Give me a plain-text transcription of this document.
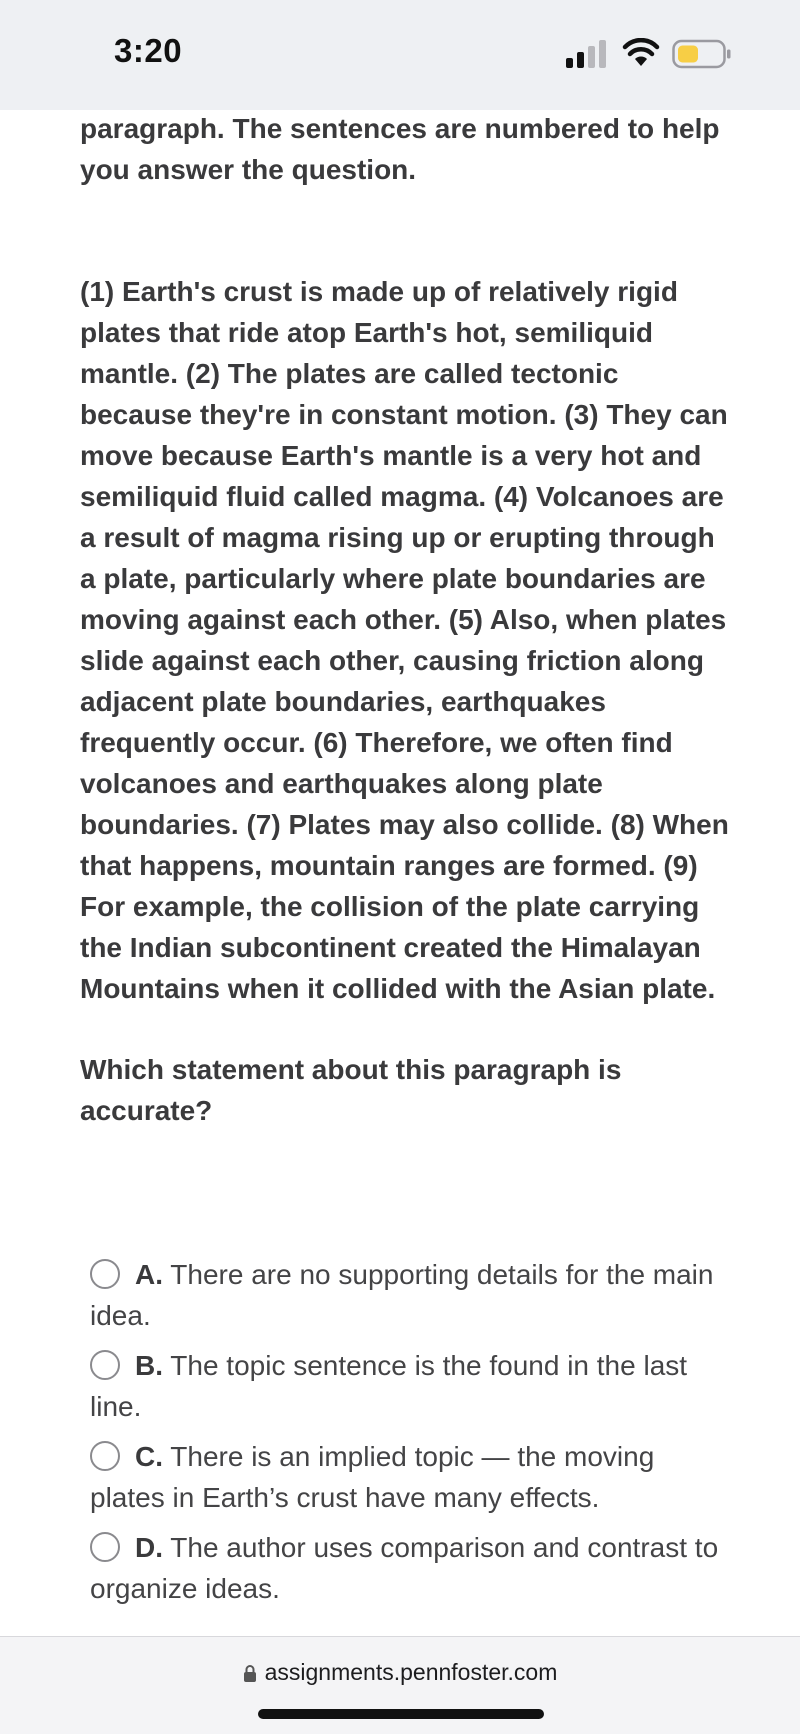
3:20

paragraph. The sentences are numbered to help you answer the question.

(1) Earth's crust is made up of relatively rigid plates that ride atop Earth's hot, semiliquid mantle. (2) The plates are called tectonic because they're in constant motion. (3) They can move because Earth's mantle is a very hot and semiliquid fluid called magma. (4) Volcanoes are a result of magma rising up or erupting through a plate, particularly where plate boundaries are moving against each other. (5) Also, when plates slide against each other, causing friction along adjacent plate boundaries, earthquakes frequently occur. (6) Therefore, we often find volcanoes and earthquakes along plate boundaries. (7) Plates may also collide. (8) When that happens, mountain ranges are formed. (9) For example, the collision of the plate carrying the Indian subcontinent created the Himalayan Mountains when it collided with the Asian plate.

Which statement about this paragraph is accurate?

A. There are no supporting details for the main idea.
B. The topic sentence is the found in the last line.
C. There is an implied topic — the moving plates in Earth’s crust have many effects.
D. The author uses comparison and contrast to organize ideas.
assignments.pennfoster.com
